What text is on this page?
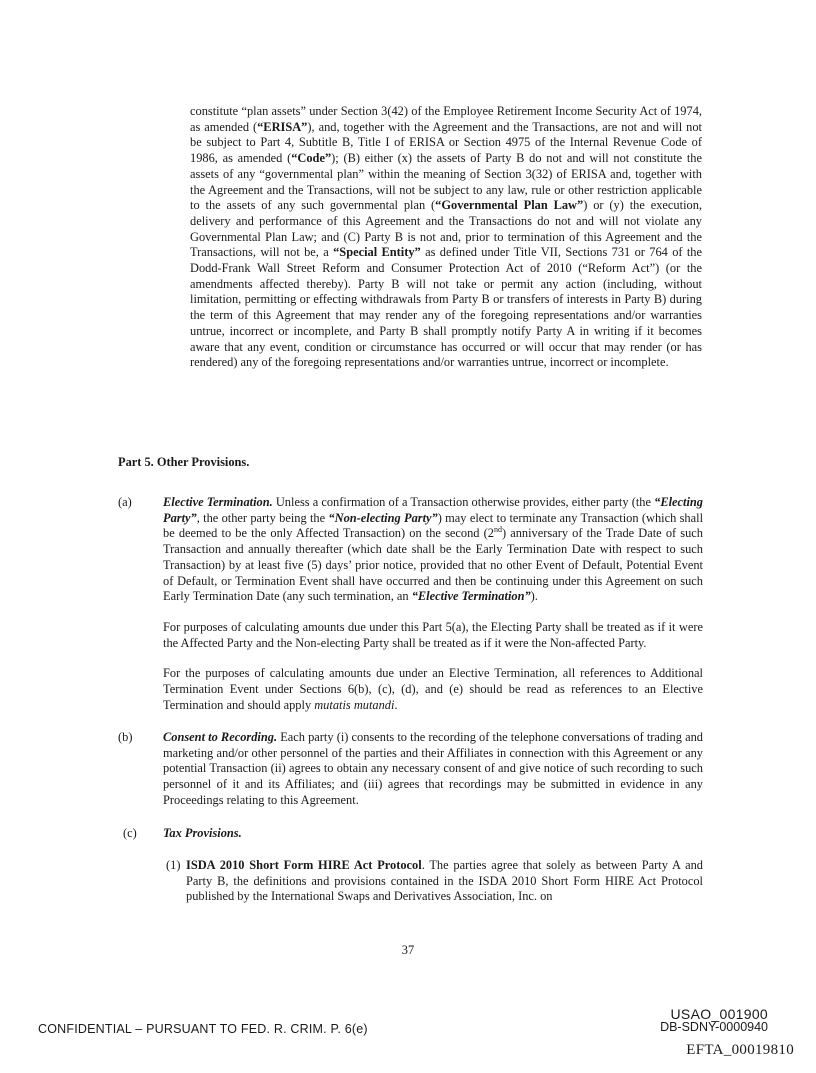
constitute “plan assets” under Section 3(42) of the Employee Retirement Income Security Act of 1974, as amended (“ERISA”), and, together with the Agreement and the Transactions, are not and will not be subject to Part 4, Subtitle B, Title I of ERISA or Section 4975 of the Internal Revenue Code of 1986, as amended (“Code”); (B) either (x) the assets of Party B do not and will not constitute the assets of any “governmental plan” within the meaning of Section 3(32) of ERISA and, together with the Agreement and the Transactions, will not be subject to any law, rule or other restriction applicable to the assets of any such governmental plan (“Governmental Plan Law”) or (y) the execution, delivery and performance of this Agreement and the Transactions do not and will not violate any Governmental Plan Law; and (C) Party B is not and, prior to termination of this Agreement and the Transactions, will not be, a “Special Entity” as defined under Title VII, Sections 731 or 764 of the Dodd-Frank Wall Street Reform and Consumer Protection Act of 2010 (“Reform Act”) (or the amendments affected thereby). Party B will not take or permit any action (including, without limitation, permitting or effecting withdrawals from Party B or transfers of interests in Party B) during the term of this Agreement that may render any of the foregoing representations and/or warranties untrue, incorrect or incomplete, and Party B shall promptly notify Party A in writing if it becomes aware that any event, condition or circumstance has occurred or will occur that may render (or has rendered) any of the foregoing representations and/or warranties untrue, incorrect or incomplete.

Part 5. Other Provisions.

(a)	Elective Termination. Unless a confirmation of a Transaction otherwise provides, either party (the “Electing Party”, the other party being the “Non-electing Party”) may elect to terminate any Transaction (which shall be deemed to be the only Affected Transaction) on the second (2nd) anniversary of the Trade Date of such Transaction and annually thereafter (which date shall be the Early Termination Date with respect to such Transaction) by at least five (5) days’ prior notice, provided that no other Event of Default, Potential Event of Default, or Termination Event shall have occurred and then be continuing under this Agreement on such Early Termination Date (any such termination, an “Elective Termination”).

For purposes of calculating amounts due under this Part 5(a), the Electing Party shall be treated as if it were the Affected Party and the Non-electing Party shall be treated as if it were the Non-affected Party.

For the purposes of calculating amounts due under an Elective Termination, all references to Additional Termination Event under Sections 6(b), (c), (d), and (e) should be read as references to an Elective Termination and should apply mutatis mutandi.

(b) Consent to Recording. Each party (i) consents to the recording of the telephone conversations of trading and marketing and/or other personnel of the parties and their Affiliates in connection with this Agreement or any potential Transaction (ii) agrees to obtain any necessary consent of and give notice of such recording to such personnel of it and its Affiliates; and (iii) agrees that recordings may be submitted in evidence in any Proceedings relating to this Agreement.

(c) Tax Provisions.

(1) ISDA 2010 Short Form HIRE Act Protocol. The parties agree that solely as between Party A and Party B, the definitions and provisions contained in the ISDA 2010 Short Form HIRE Act Protocol published by the International Swaps and Derivatives Association, Inc. on

37
CONFIDENTIAL – PURSUANT TO FED. R. CRIM. P. 6(e)
USAO_001900
DB-SDNY-0000940
EFTA_00019810
